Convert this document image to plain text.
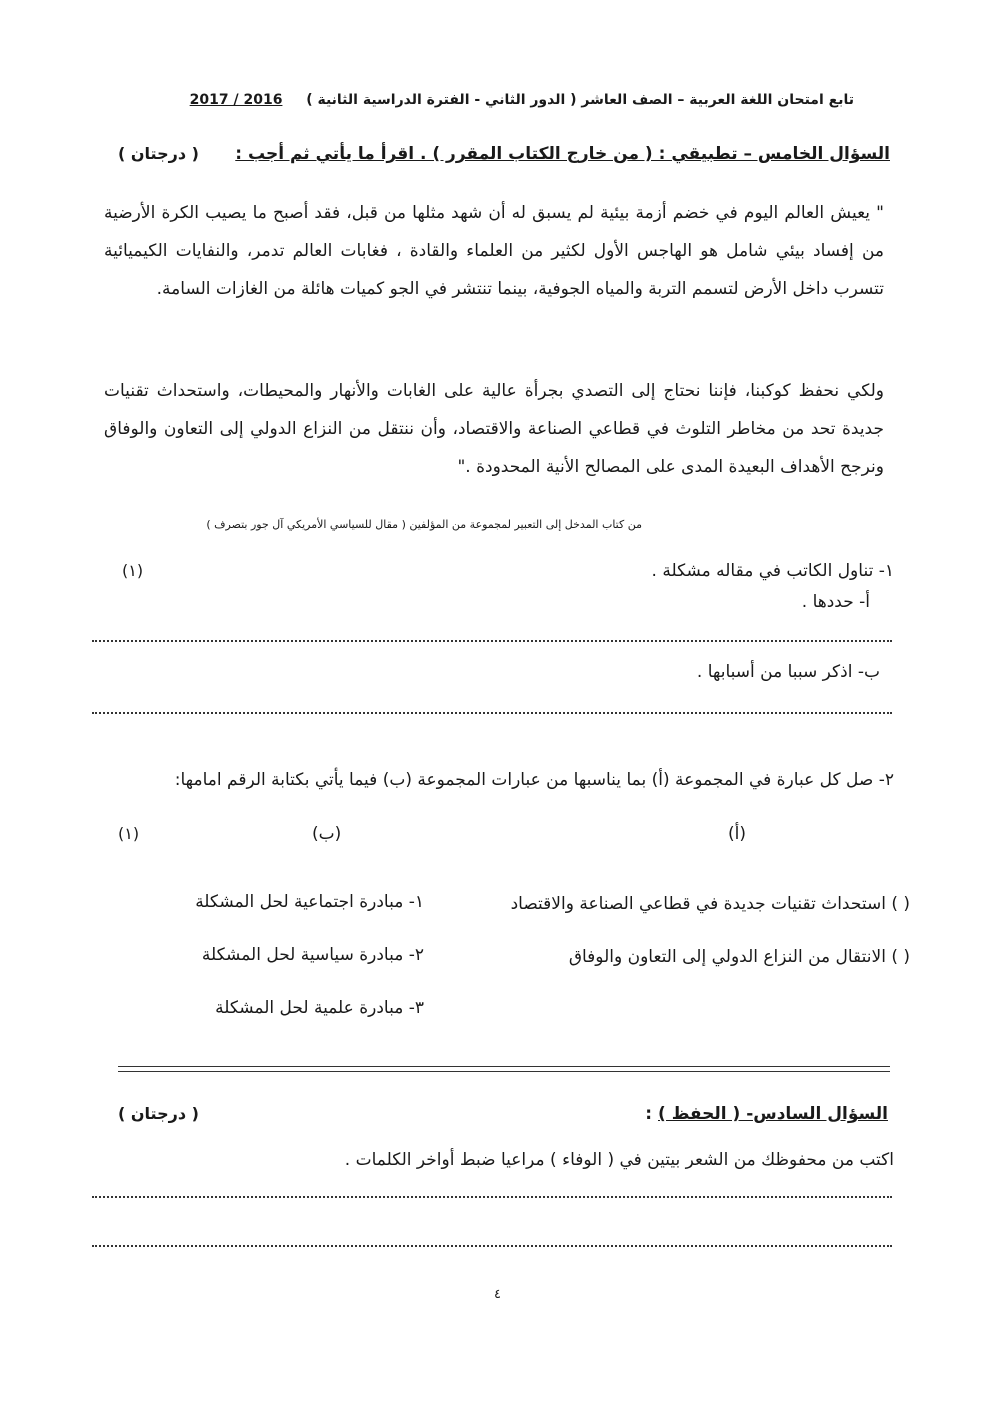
تابع امتحان اللغة العربية – الصف العاشر ( الدور الثاني - الفترة الدراسية الثانية )  2017 / 2016
السؤال الخامس – تطبيقي : ( من خارج الكتاب المقرر ) . اقرأ ما يأتي ثم أجب :
( درجتان )
" يعيش العالم اليوم في خضم أزمة بيئية لم يسبق له أن شهد مثلها من قبل، فقد أصبح ما يصيب الكرة الأرضية من إفساد بيئي شامل هو الهاجس الأول لكثير من العلماء والقادة ، فغابات العالم تدمر، والنفايات الكيميائية تتسرب داخل الأرض لتسمم التربة والمياه الجوفية، بينما تنتشر في الجو كميات هائلة من الغازات السامة.
ولكي نحفظ كوكبنا، فإننا نحتاج إلى التصدي بجرأة عالية على الغابات والأنهار والمحيطات، واستحداث تقنيات جديدة تحد من مخاطر التلوث في قطاعي الصناعة والاقتصاد، وأن ننتقل من النزاع الدولي إلى التعاون والوفاق ونرجح الأهداف البعيدة المدى على المصالح الأنية المحدودة ."
من كتاب المدخل إلى التعبير لمجموعة من المؤلفين ( مقال للسياسي الأمريكي آل جور بتصرف )
١- تناول الكاتب في مقاله مشكلة .
(١)
أ- حددها .
ب- اذكر سببا من أسبابها .
٢- صل كل عبارة في المجموعة (أ) بما يناسبها من عبارات المجموعة (ب) فيما يأتي بكتابة الرقم امامها:
(أ)
(ب)
(١)
( ) استحداث تقنيات جديدة في قطاعي الصناعة والاقتصاد
( ) الانتقال من النزاع الدولي إلى التعاون والوفاق
١- مبادرة اجتماعية لحل المشكلة
٢- مبادرة سياسية لحل المشكلة
٣- مبادرة علمية لحل المشكلة
السؤال السادس- ( الحفظ ) :
( درجتان )
اكتب من محفوظك من الشعر بيتين في ( الوفاء ) مراعيا ضبط أواخر الكلمات .
٤
